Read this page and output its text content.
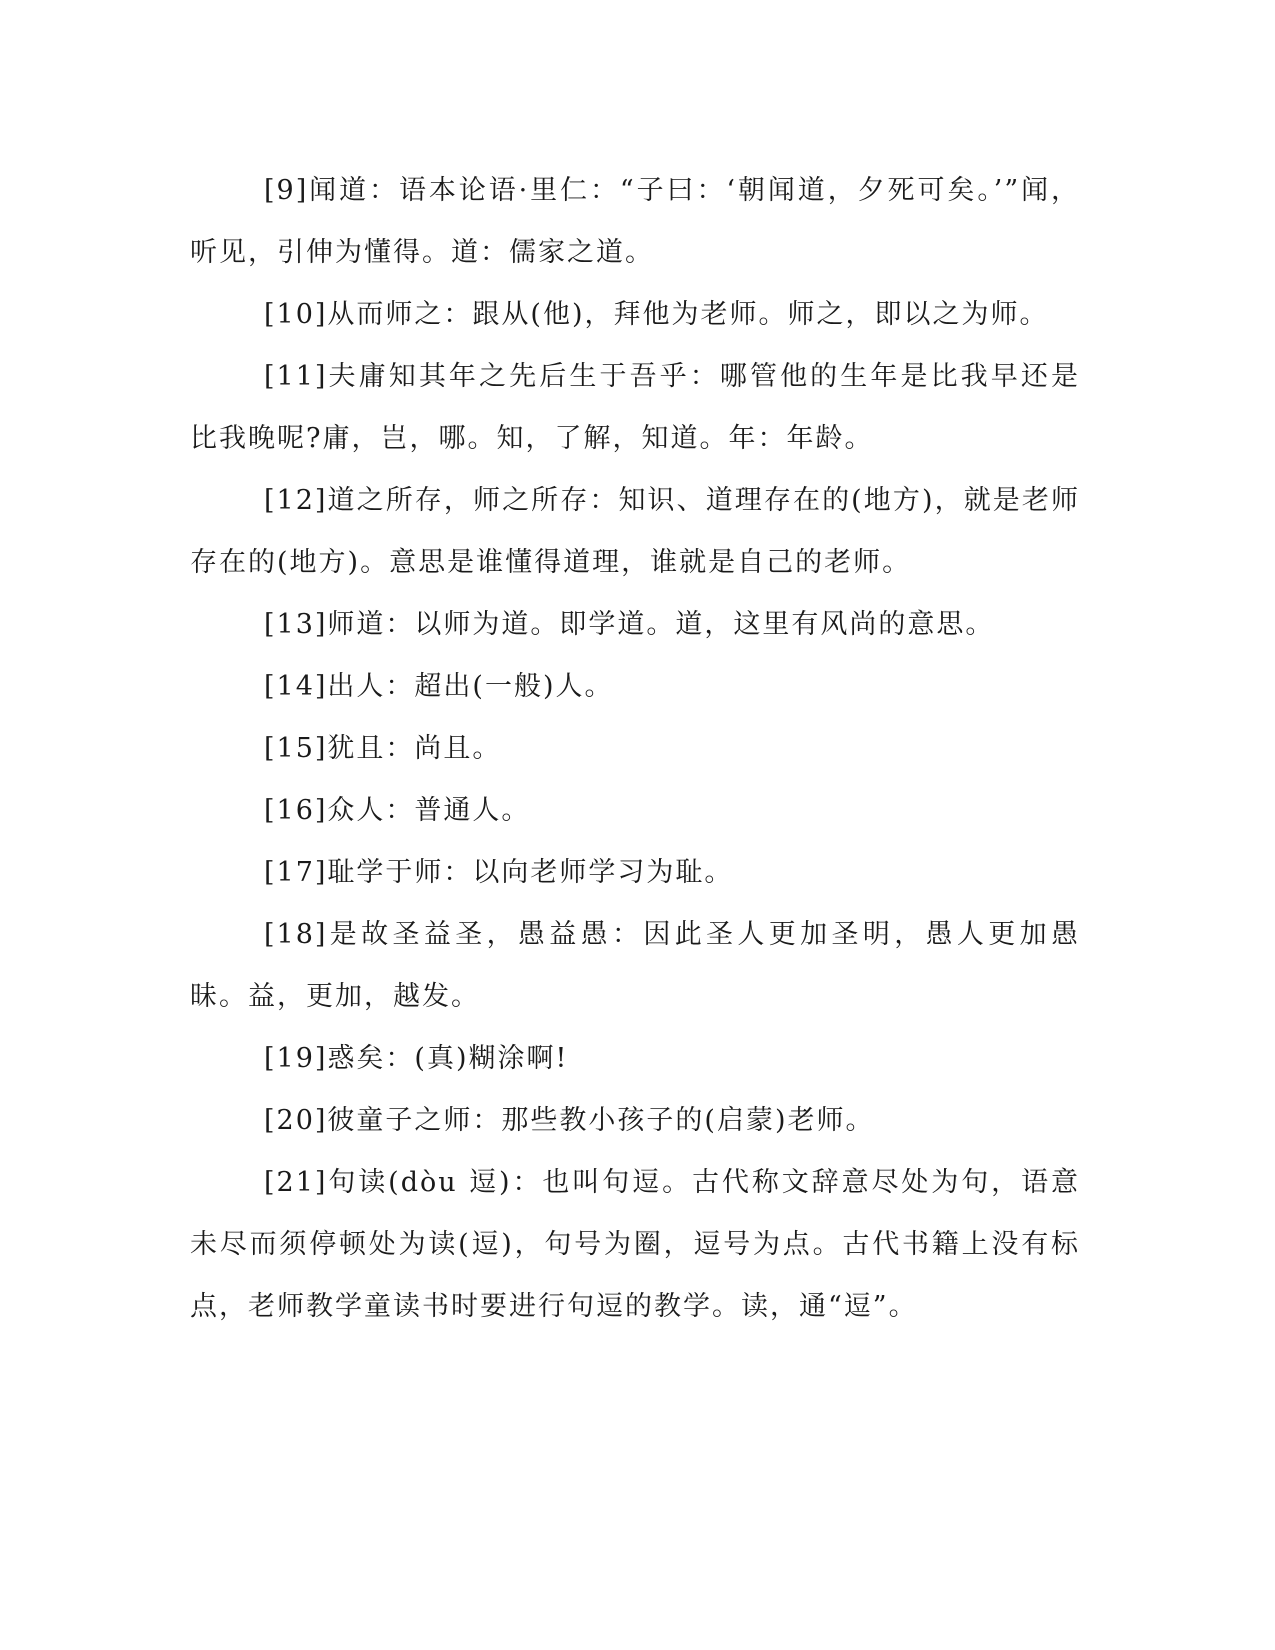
[9]闻道：语本论语·里仁：“子曰：‘朝闻道，夕死可矣。’”闻，听见，引伸为懂得。道：儒家之道。

[10]从而师之：跟从(他)，拜他为老师。师之，即以之为师。

[11]夫庸知其年之先后生于吾乎：哪管他的生年是比我早还是比我晚呢?庸，岂，哪。知，了解，知道。年：年龄。

[12]道之所存，师之所存：知识、道理存在的(地方)，就是老师存在的(地方)。意思是谁懂得道理，谁就是自己的老师。

[13]师道：以师为道。即学道。道，这里有风尚的意思。

[14]出人：超出(一般)人。

[15]犹且：尚且。

[16]众人：普通人。

[17]耻学于师：以向老师学习为耻。

[18]是故圣益圣，愚益愚：因此圣人更加圣明，愚人更加愚昧。益，更加，越发。

[19]惑矣：(真)糊涂啊!

[20]彼童子之师：那些教小孩子的(启蒙)老师。

[21]句读(dòu 逗)：也叫句逗。古代称文辞意尽处为句，语意未尽而须停顿处为读(逗)，句号为圈，逗号为点。古代书籍上没有标点，老师教学童读书时要进行句逗的教学。读，通“逗”。
